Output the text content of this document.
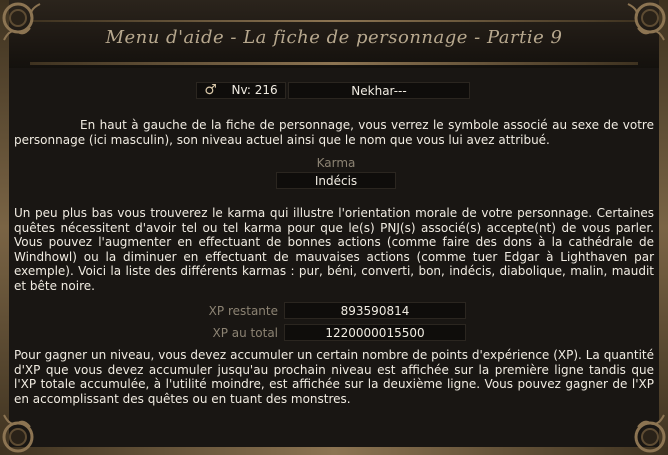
Menu d'aide - La fiche de personnage - Partie 9
♂ Nv: 216	Nekhar---
En haut à gauche de la fiche de personnage, vous verrez le symbole associé au sexe de votre personnage (ici masculin), son niveau actuel ainsi que le nom que vous lui avez attribué.
Karma
Indécis
Un peu plus bas vous trouverez le karma qui illustre l'orientation morale de votre personnage. Certaines quêtes nécessitent d'avoir tel ou tel karma pour que le(s) PNJ(s) associé(s) accepte(nt) de vous parler. Vous pouvez l'augmenter en effectuant de bonnes actions (comme faire des dons à la cathédrale de Windhowl) ou la diminuer en effectuant de mauvaises actions (comme tuer Edgar à Lighthaven par exemple). Voici la liste des différents karmas : pur, béni, converti, bon, indécis, diabolique, malin, maudit et bête noire.
XP restante	893590814
XP au total	1220000015500
Pour gagner un niveau, vous devez accumuler un certain nombre de points d'expérience (XP). La quantité d'XP que vous devez accumuler jusqu'au prochain niveau est affichée sur la première ligne tandis que l'XP totale accumulée, à l'utilité moindre, est affichée sur la deuxième ligne. Vous pouvez gagner de l'XP en accomplissant des quêtes ou en tuant des monstres.
